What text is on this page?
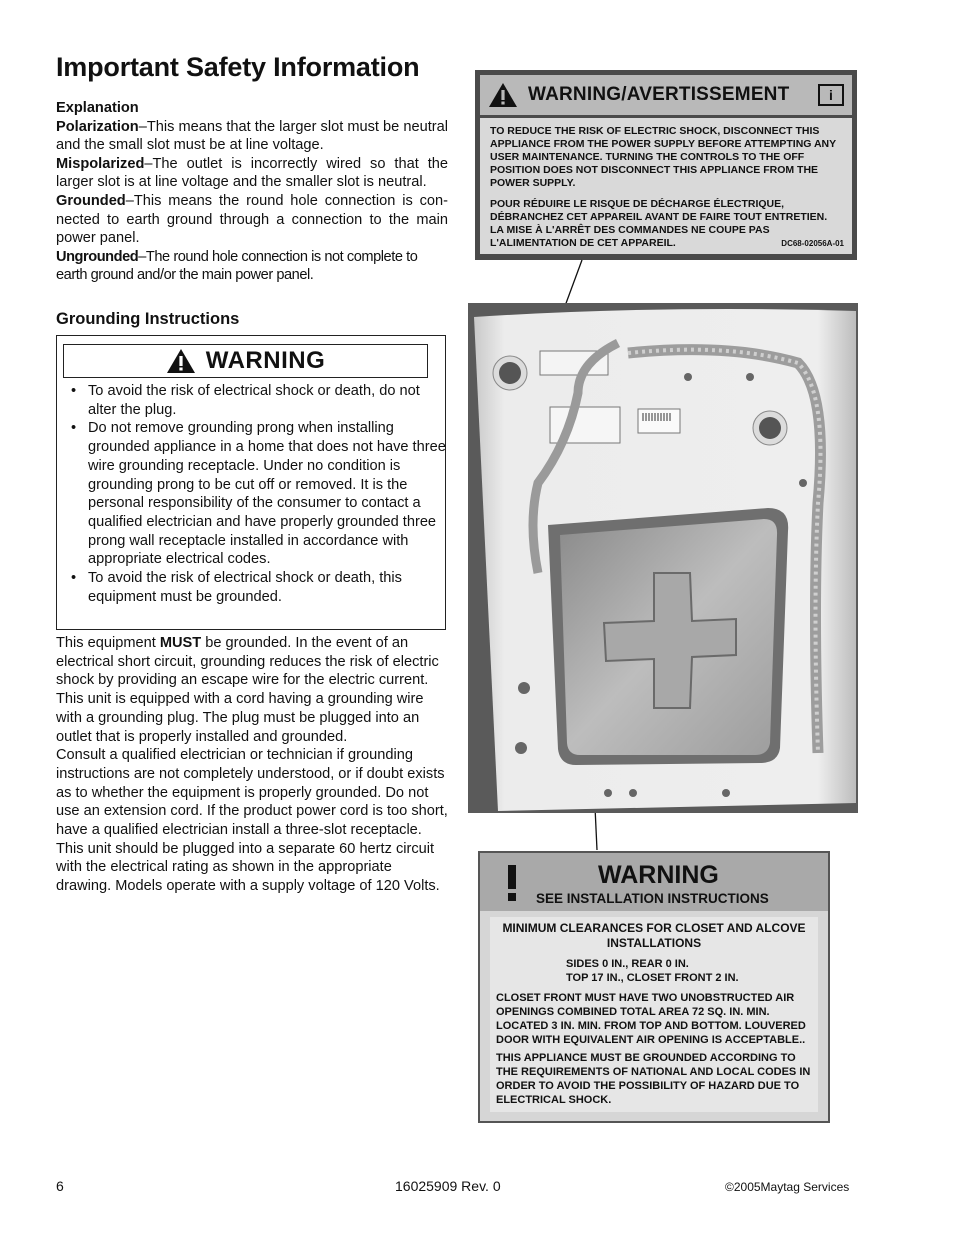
Important Safety Information

Explanation

Polarization–This means that the larger slot must be neutral and the small slot must be at line voltage.

Mispolarized–The outlet is incorrectly wired so that the larger slot is at line voltage and the smaller slot is neutral.

Grounded–This means the round hole connection is con-nected to earth ground through a connection to the main power panel.

Ungrounded–The round hole connection is not complete to earth ground and/or the main power panel.

Grounding Instructions
WARNING
• To avoid the risk of electrical shock or death, do not alter the plug.
• Do not remove grounding prong when installing grounded appliance in a home that does not have three wire grounding receptacle. Under no condition is grounding prong to be cut off or removed. It is the personal responsibility of the consumer to contact a qualified electrician and have properly grounded three prong wall receptacle installed in accordance with appropriate electrical codes.
• To avoid the risk of electrical shock or death, this equipment must be grounded.

This equipment MUST be grounded. In the event of an electrical short circuit, grounding reduces the risk of electric shock by providing an escape wire for the electric current. This unit is equipped with a cord having a grounding wire with a grounding plug. The plug must be plugged into an outlet that is properly installed and grounded.

Consult a qualified electrician or technician if grounding instructions are not completely understood, or if doubt exists as to whether the equipment is properly grounded. Do not use an extension cord. If the product power cord is too short, have a qualified electrician install a three-slot receptacle. This unit should be plugged into a separate 60 hertz circuit with the electrical rating as shown in the appropriate drawing. Models operate with a supply voltage of 120 Volts.

WARNING/AVERTISSEMENT	i

TO REDUCE THE RISK OF ELECTRIC SHOCK, DISCONNECT THIS APPLIANCE FROM THE POWER SUPPLY BEFORE ATTEMPTING ANY USER MAINTENANCE. TURNING THE CONTROLS TO THE OFF POSITION DOES NOT DISCONNECT THIS APPLIANCE FROM THE POWER SUPPLY.

POUR RÉDUIRE LE RISQUE DE DÉCHARGE ÉLECTRIQUE, DÉBRANCHEZ CET APPAREIL AVANT DE FAIRE TOUT ENTRETIEN. LA MISE À L'ARRÊT DES COMMANDES NE COUPE PAS L'ALIMENTATION DE CET APPAREIL.	DC68-02056A-01
WARNING
SEE INSTALLATION INSTRUCTIONS

MINIMUM CLEARANCES FOR CLOSET AND ALCOVE INSTALLATIONS

SIDES 0 IN., REAR 0 IN.
TOP 17 IN., CLOSET FRONT 2 IN.

CLOSET FRONT MUST HAVE TWO UNOBSTRUCTED AIR OPENINGS COMBINED TOTAL AREA 72 SQ. IN. MIN. LOCATED 3 IN. MIN. FROM TOP AND BOTTOM. LOUVERED DOOR WITH EQUIVALENT AIR OPENING IS ACCEPTABLE..

THIS APPLIANCE MUST BE GROUNDED ACCORDING TO THE REQUIREMENTS OF NATIONAL AND LOCAL CODES IN ORDER TO AVOID THE POSSIBILITY OF HAZARD DUE TO ELECTRICAL SHOCK.

6	16025909 Rev. 0	©2005Maytag Services
